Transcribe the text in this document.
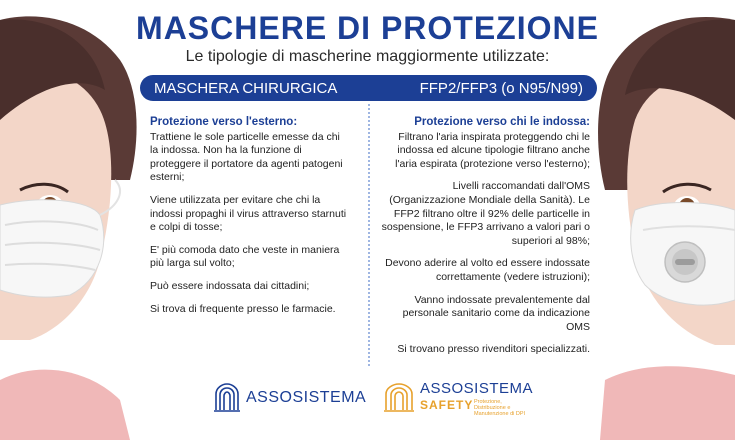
MASCHERE DI PROTEZIONE

Le tipologie di mascherine maggiormente utilizzate:

MASCHERA CHIRURGICA	FFP2/FFP3 (o N95/N99)
Protezione verso l'esterno:

Trattiene le sole particelle emesse da chi la indossa. Non ha la funzione di proteggere il portatore da agenti patogeni esterni;

Viene utilizzata per evitare che chi la indossi propaghi il virus attraverso starnuti e colpi di tosse;

E' più comoda dato che veste in maniera più larga sul volto;

Può essere indossata dai cittadini;

Si trova di frequente presso le farmacie.

Protezione verso chi le indossa:

Filtrano l'aria inspirata proteggendo chi le indossa ed alcune tipologie filtrano anche l'aria espirata (protezione verso l'esterno);

Livelli raccomandati dall'OMS (Organizzazione Mondiale della Sanità). Le FFP2 filtrano oltre il 92% delle particelle in sospensione, le FFP3 arrivano a valori pari o superiori al 98%;

Devono aderire al volto ed essere indossate correttamente (vedere istruzioni);

Vanno indossate prevalentemente dal personale sanitario come da indicazione OMS

Si trovano presso rivenditori specializzati.

ASSOSISTEMA
ASSOSISTEMA
SAFETY Protezione, Distribuzione e Manutenzione di DPI
